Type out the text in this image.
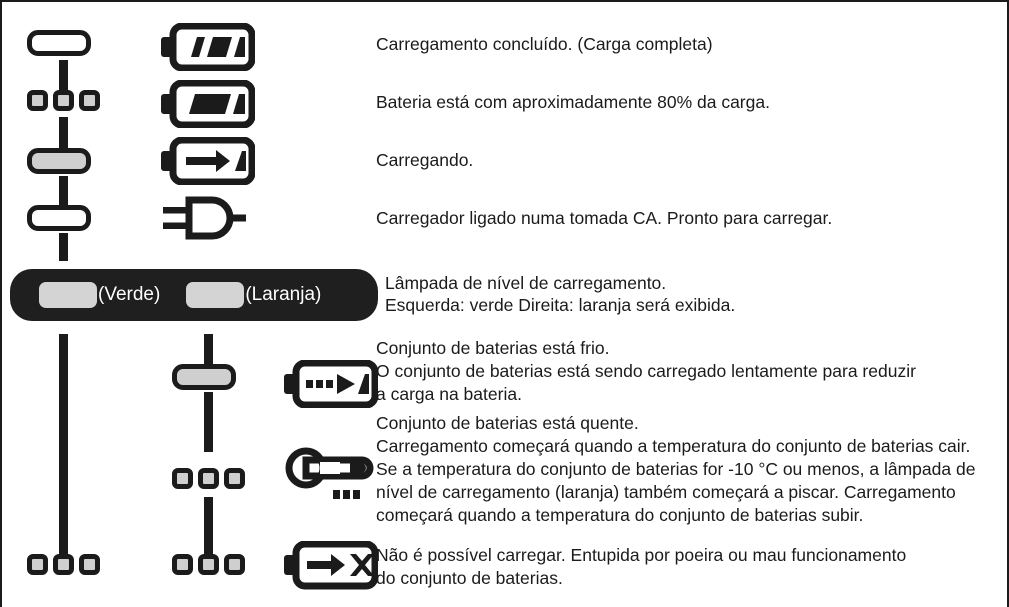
(Verde)	(Laranja)
Carregamento concluído. (Carga completa)
Bateria está com aproximadamente 80% da carga.
Carregando.
Carregador ligado numa tomada CA. Pronto para carregar.
Lâmpada de nível de carregamento.
Esquerda: verde Direita: laranja será exibida.
Conjunto de baterias está frio.
O conjunto de baterias está sendo carregado lentamente para reduzir
a carga na bateria.
Conjunto de baterias está quente.
Carregamento começará quando a temperatura do conjunto de baterias cair.
Se a temperatura do conjunto de baterias for -10 °C ou menos, a lâmpada de
nível de carregamento (laranja) também começará a piscar. Carregamento
começará quando a temperatura do conjunto de baterias subir.
Não é possível carregar. Entupida por poeira ou mau funcionamento
do conjunto de baterias.
